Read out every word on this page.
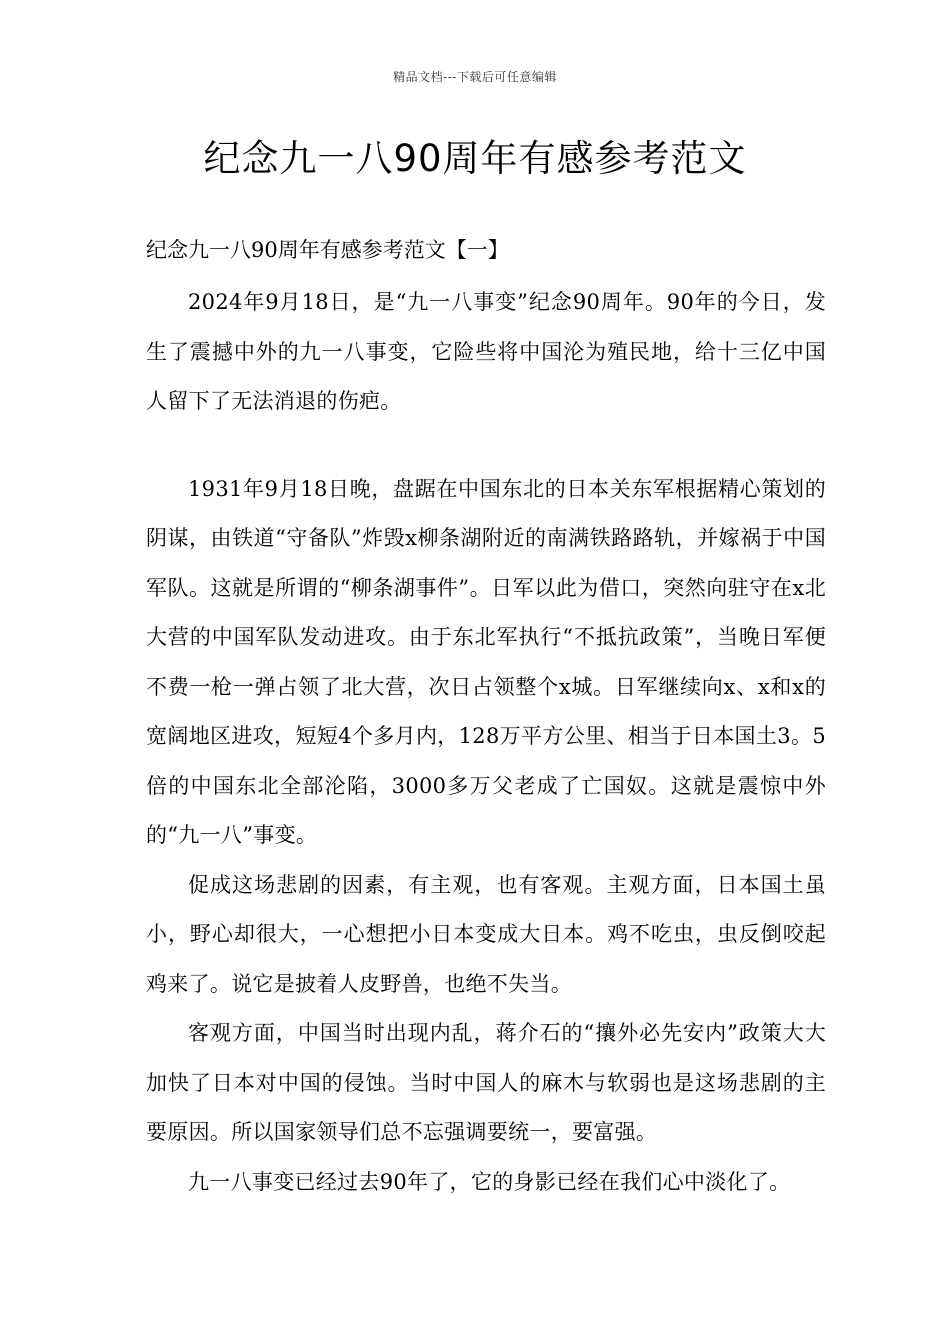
精品文档---下载后可任意编辑
纪念九一八90周年有感参考范文

纪念九一八90周年有感参考范文【一】

2024年9月18日，是“九一八事变”纪念90周年。90年的今日，发生了震撼中外的九一八事变，它险些将中国沦为殖民地，给十三亿中国人留下了无法消退的伤疤。

1931年9月18日晚，盘踞在中国东北的日本关东军根据精心策划的阴谋，由铁道“守备队”炸毁x柳条湖附近的南满铁路路轨，并嫁祸于中国军队。这就是所谓的“柳条湖事件”。日军以此为借口，突然向驻守在x北大营的中国军队发动进攻。由于东北军执行“不抵抗政策”，当晚日军便不费一枪一弹占领了北大营，次日占领整个x城。日军继续向x、x和x的宽阔地区进攻，短短4个多月内，128万平方公里、相当于日本国土3。5倍的中国东北全部沦陷，3000多万父老成了亡国奴。这就是震惊中外的“九一八”事变。

促成这场悲剧的因素，有主观，也有客观。主观方面，日本国土虽小，野心却很大，一心想把小日本变成大日本。鸡不吃虫，虫反倒咬起鸡来了。说它是披着人皮野兽，也绝不失当。

客观方面，中国当时出现内乱，蒋介石的“攘外必先安内”政策大大加快了日本对中国的侵蚀。当时中国人的麻木与软弱也是这场悲剧的主要原因。所以国家领导们总不忘强调要统一，要富强。

九一八事变已经过去90年了，它的身影已经在我们心中淡化了。
